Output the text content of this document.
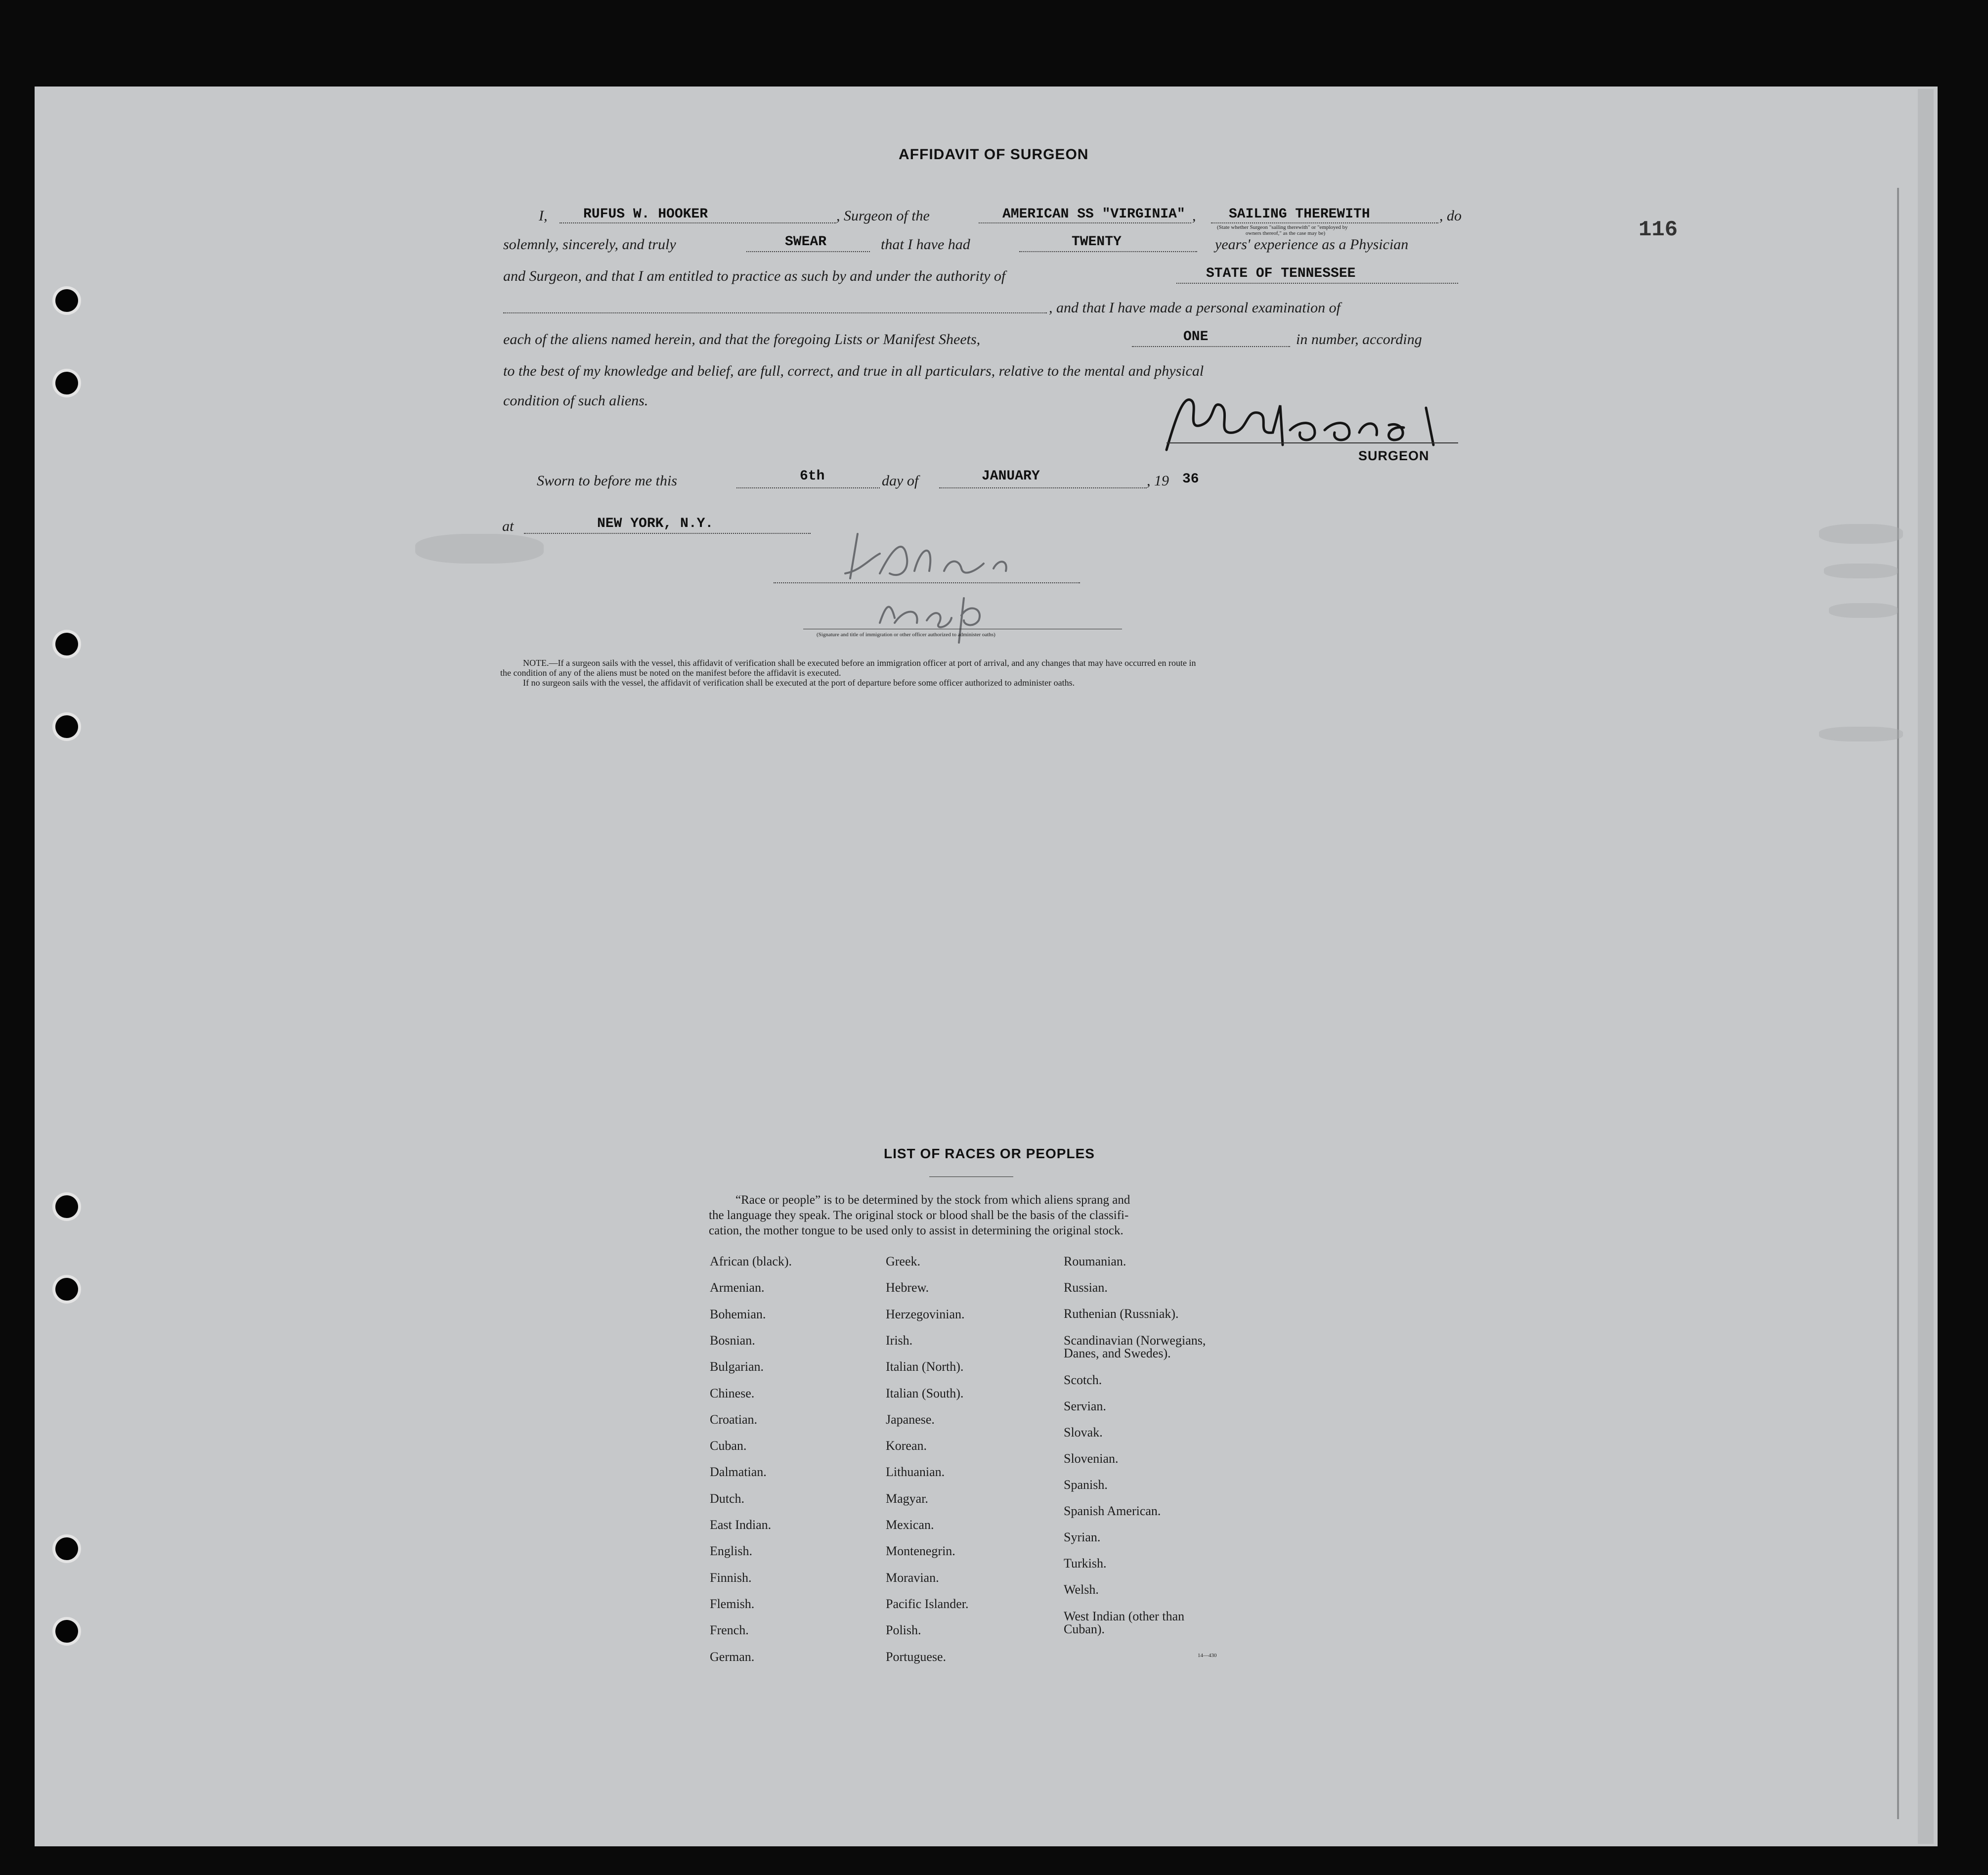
116
AFFIDAVIT OF SURGEON
I,	RUFUS W. HOOKER	, Surgeon of the	AMERICAN SS "VIRGINIA" , SAILING THEREWITH	, do
(State whether Surgeon "sailing therewith" or "employed by
owners thereof," as the case may be)
solemnly, sincerely, and truly	SWEAR	that I have had	TWENTY	years' experience as a Physician
and Surgeon, and that I am entitled to practice as such by and under the authority of	STATE OF TENNESSEE
, and that I have made a personal examination of
each of the aliens named herein, and that the foregoing Lists or Manifest Sheets,	ONE	in number, according
to the best of my knowledge and belief, are full, correct, and true in all particulars, relative to the mental and physical
condition of such aliens.
SURGEON
Sworn to before me this	6th	day of	JANUARY	, 19 36
at	NEW YORK, N.Y.
(Signature and title of immigration or other officer authorized to administer oaths)
NOTE.—If a surgeon sails with the vessel, this affidavit of verification shall be executed before an immigration officer at port of arrival, and any changes that may have occurred en route in
the condition of any of the aliens must be noted on the manifest before the affidavit is executed.
If no surgeon sails with the vessel, the affidavit of verification shall be executed at the port of departure before some officer authorized to administer oaths.
LIST OF RACES OR PEOPLES
“Race or people” is to be determined by the stock from which aliens sprang and
the language they speak. The original stock or blood shall be the basis of the classifi-
cation, the mother tongue to be used only to assist in determining the original stock.
African (black).
Armenian.
Bohemian.
Bosnian.
Bulgarian.
Chinese.
Croatian.
Cuban.
Dalmatian.
Dutch.
East Indian.
English.
Finnish.
Flemish.
French.
German.
Greek.
Hebrew.
Herzegovinian.
Irish.
Italian (North).
Italian (South).
Japanese.
Korean.
Lithuanian.
Magyar.
Mexican.
Montenegrin.
Moravian.
Pacific Islander.
Polish.
Portuguese.
Roumanian.
Russian.
Ruthenian (Russniak).
Scandinavian (Norwegians,
Danes, and Swedes).
Scotch.
Servian.
Slovak.
Slovenian.
Spanish.
Spanish American.
Syrian.
Turkish.
Welsh.
West Indian (other than
Cuban).
14—430
